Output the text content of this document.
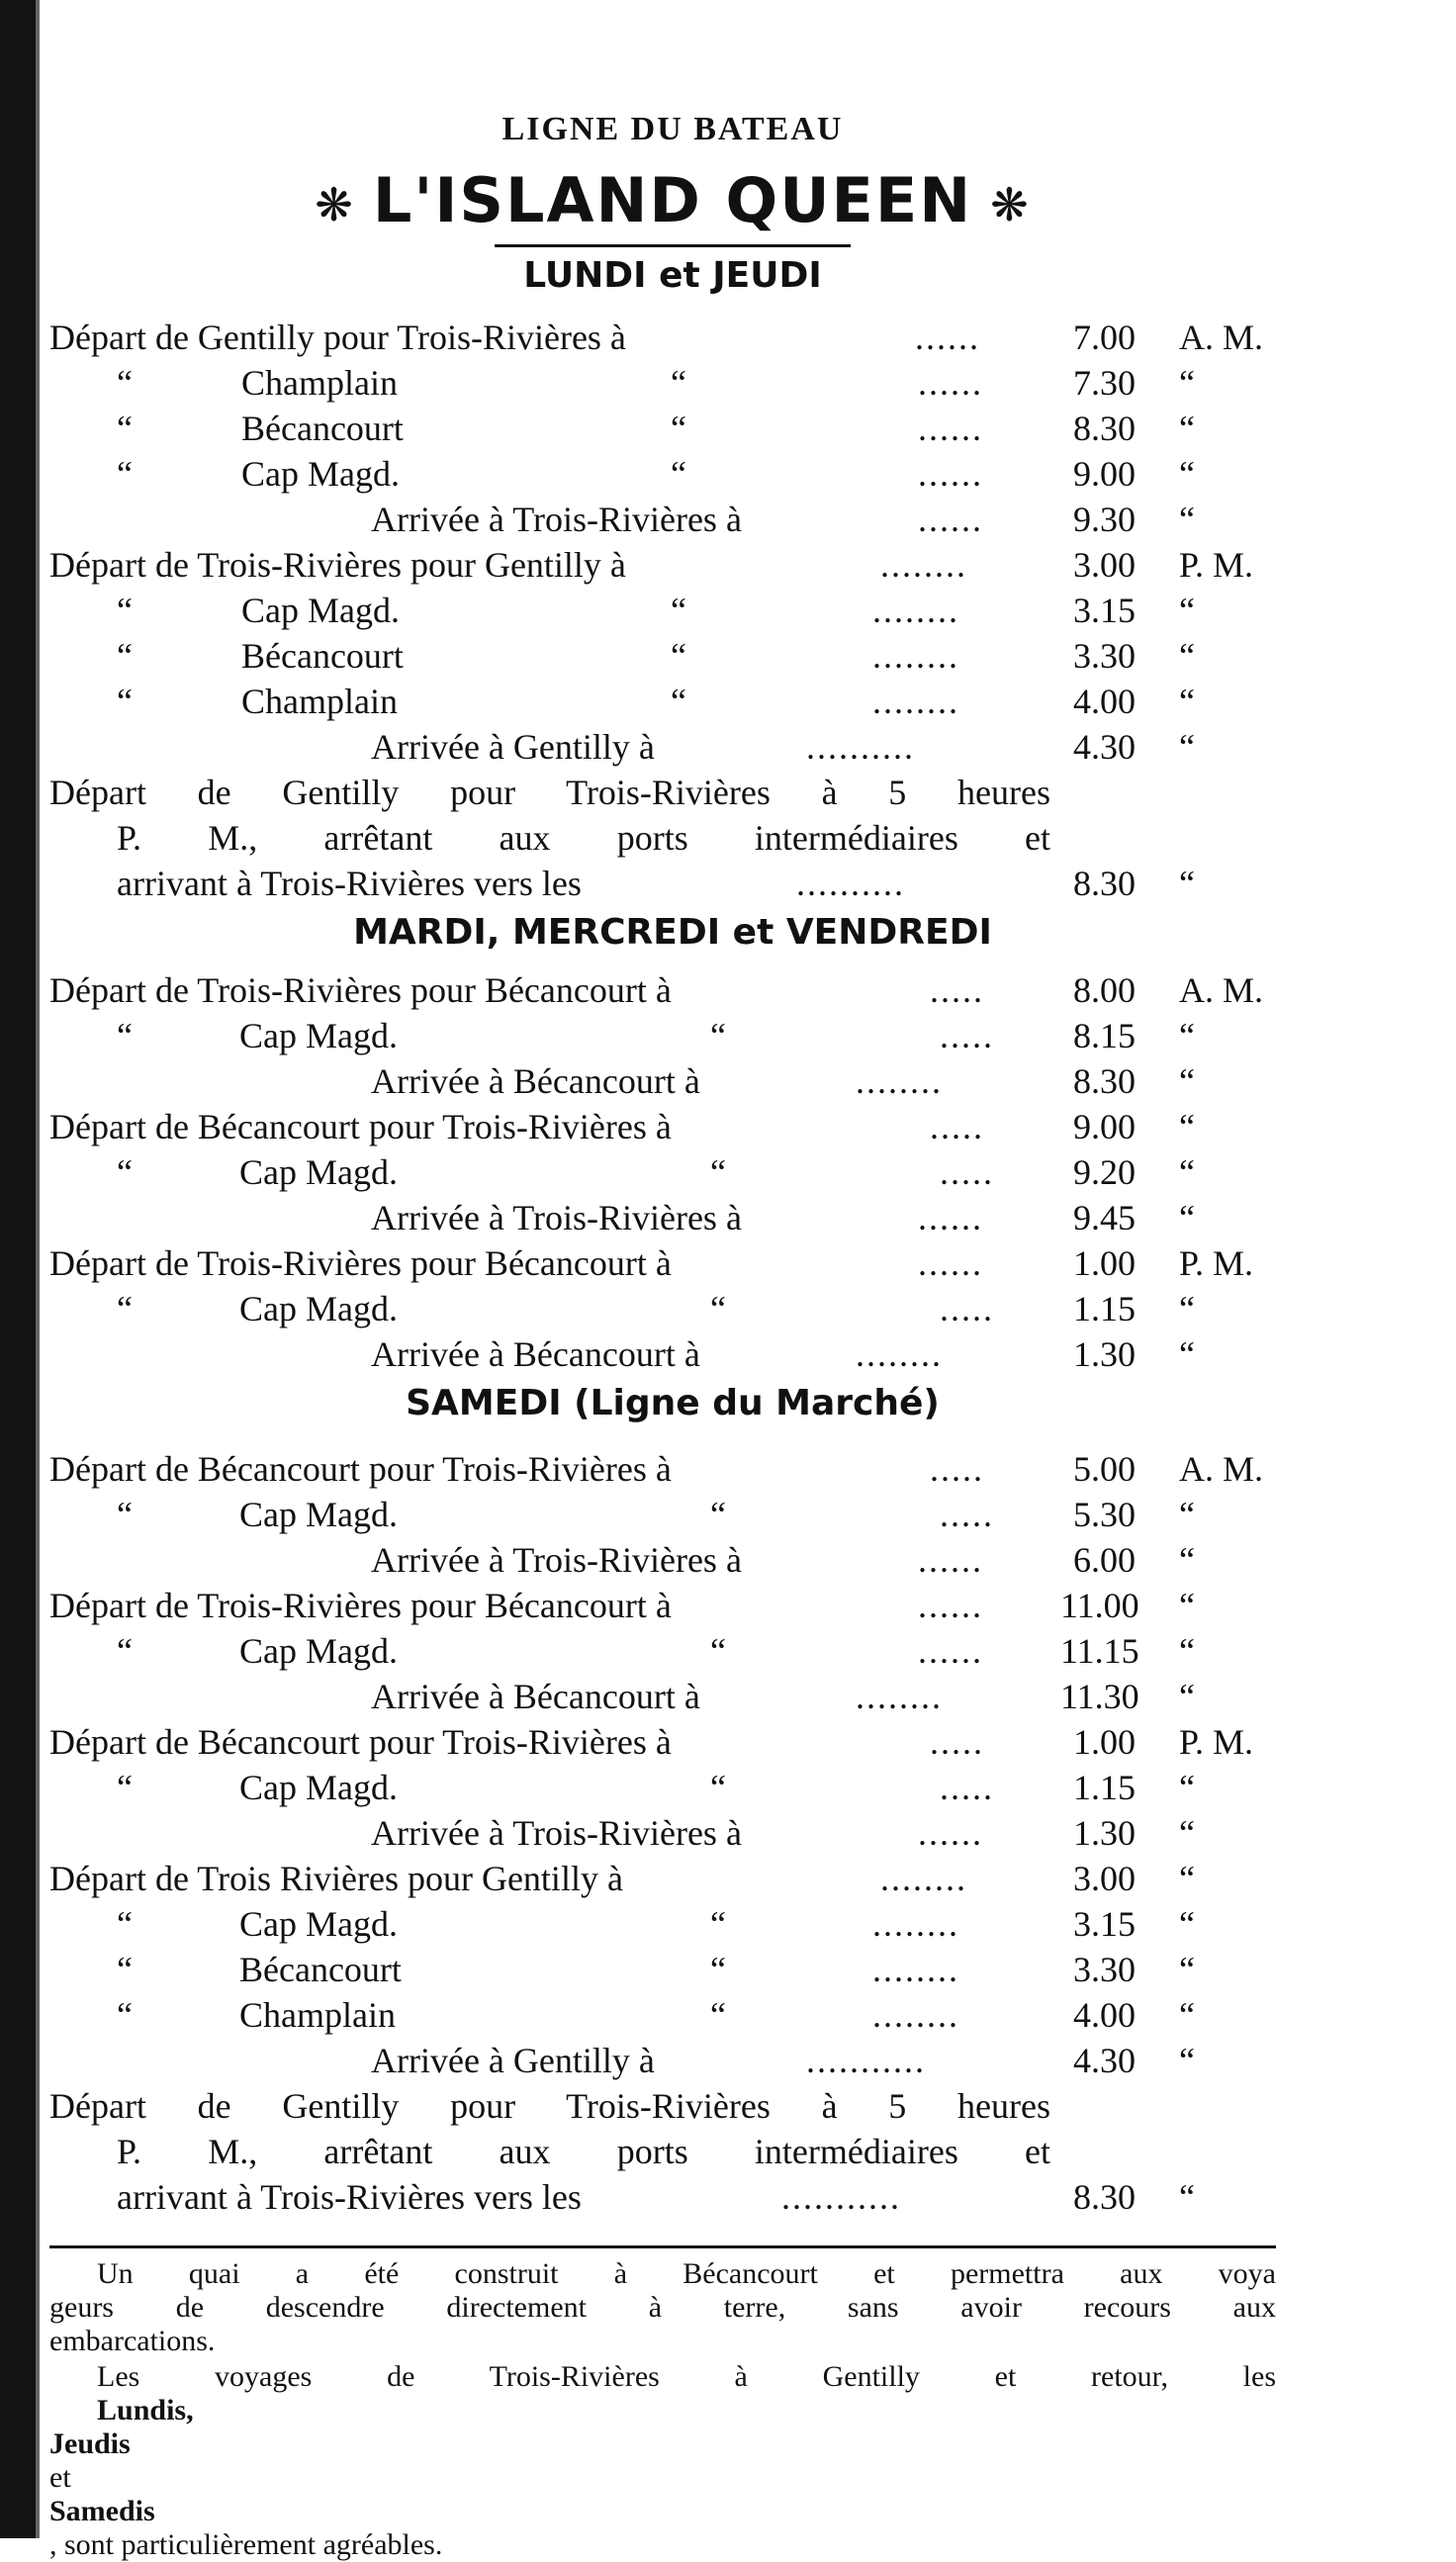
LIGNE DU BATEAU
❋ L'ISLAND QUEEN ❋
LUNDI et JEUDI
Départ de Gentilly pour Trois-Rivières à	......	7.00 A. M.
“	Champlain	“	......	7.30 “
“	Bécancourt	“	......	8.30 “
“	Cap Magd.	“	......	9.00 “
Arrivée à Trois-Rivières à	......	9.30 “
Départ de Trois-Rivières pour Gentilly à	........	3.00 P. M.
“	Cap Magd.	“	........	3.15 “
“	Bécancourt	“	........	3.30 “
“	Champlain	“	........	4.00 “
Arrivée à Gentilly à	..........	4.30 “
Départ de Gentilly pour Trois-Rivières à 5 heures
P. M., arrêtant aux ports intermédiaires et
arrivant à Trois-Rivières vers les	..........	8.30 “
MARDI, MERCREDI et VENDREDI
Départ de Trois-Rivières pour Bécancourt à	.....	8.00 A. M.
“	Cap Magd.	“	..... 8.15 “
Arrivée à Bécancourt à	........	8.30 “
Départ de Bécancourt pour Trois-Rivières à	.....	9.00 “
“	Cap Magd.	“	..... 9.20 “
Arrivée à Trois-Rivières à	......	9.45 “
Départ de Trois-Rivières pour Bécancourt à	......	1.00 P. M.
“	Cap Magd.	“	..... 1.15 “
Arrivée à Bécancourt à	........	1.30 “
SAMEDI (Ligne du Marché)
Départ de Bécancourt pour Trois-Rivières à	.....	5.00 A. M.
“	Cap Magd.	“	..... 5.30 “
Arrivée à Trois-Rivières à	......	6.00 “
Départ de Trois-Rivières pour Bécancourt à	...... 11.00 “
“	Cap Magd.	“	...... 11.15 “
Arrivée à Bécancourt à	........	11.30 “
Départ de Bécancourt pour Trois-Rivières à	.....	1.00 P. M.
“	Cap Magd.	“	..... 1.15 “
Arrivée à Trois-Rivières à	......	1.30 “
Départ de Trois Rivières pour Gentilly à	........	3.00 “
“	Cap Magd.	“	........	3.15 “
“	Bécancourt	“	........	3.30 “
“	Champlain	“	........	4.00 “
Arrivée à Gentilly à	...........	4.30 “
Départ de Gentilly pour Trois-Rivières à 5 heures
P. M., arrêtant aux ports intermédiaires et
arrivant à Trois-Rivières vers les	...........	8.30 “
Un quai a été construit à Bécancourt et permettra aux voya
geurs de descendre directement à terre, sans avoir recours aux
embarcations.
Les voyages de Trois-Rivières à Gentilly et retour, les
Lundis,
Jeudis
et
Samedis
, sont particulièrement agréables.
